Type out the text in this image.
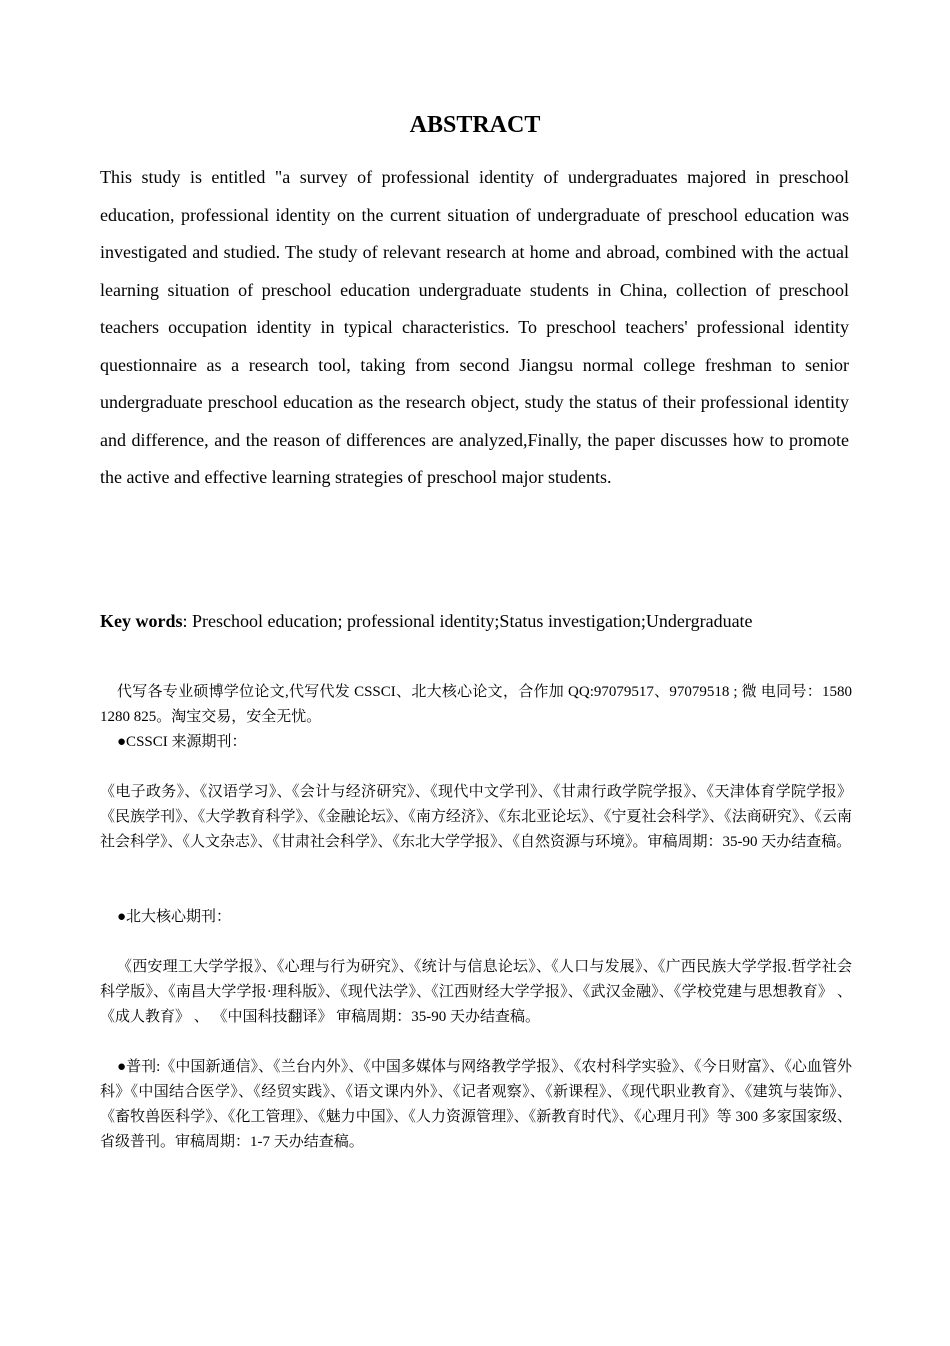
ABSTRACT

This study is entitled "a survey of professional identity of undergraduates majored in preschool education, professional identity on the current situation of undergraduate of preschool education was investigated and studied. The study of relevant research at home and abroad, combined with the actual learning situation of preschool education undergraduate students in China, collection of preschool teachers occupation identity in typical characteristics. To preschool teachers' professional identity questionnaire as a research tool, taking from second Jiangsu normal college freshman to senior undergraduate preschool education as the research object, study the status of their professional identity and difference, and the reason of differences are analyzed,Finally, the paper discusses how to promote the active and effective learning strategies of preschool major students.

Key words: Preschool education; professional identity;Status investigation;Undergraduate

代写各专业硕博学位论文,代写代发 CSSCI、北大核心论文，合作加 QQ:97079517、97079518 ; 微 电同号：1580 1280 825。淘宝交易，安全无忧。

●CSSCI 来源期刊：

《电子政务》、《汉语学习》、《会计与经济研究》、《现代中文学刊》、《甘肃行政学院学报》、《天津体育学院学报》《民族学刊》、《大学教育科学》、《金融论坛》、《南方经济》、《东北亚论坛》、《宁夏社会科学》、《法商研究》、《云南社会科学》、《人文杂志》、《甘肃社会科学》、《东北大学学报》、《自然资源与环境》。审稿周期：35-90 天办结查稿。

●北大核心期刊：

《西安理工大学学报》、《心理与行为研究》、《统计与信息论坛》、《人口与发展》、《广西民族大学学报.哲学社会科学版》、《南昌大学学报·理科版》、《现代法学》、《江西财经大学学报》、《武汉金融》、《学校党建与思想教育》 、 《成人教育》 、 《中国科技翻译》 审稿周期：35-90 天办结查稿。

●普刊:《中国新通信》、《兰台内外》、《中国多媒体与网络教学学报》、《农村科学实验》、《今日财富》、《心血管外科》《中国结合医学》、《经贸实践》、《语文课内外》、《记者观察》、《新课程》、《现代职业教育》、《建筑与装饰》、《畜牧兽医科学》、《化工管理》、《魅力中国》、《人力资源管理》、《新教育时代》、《心理月刊》等 300 多家国家级、省级普刊。审稿周期：1-7 天办结查稿。
